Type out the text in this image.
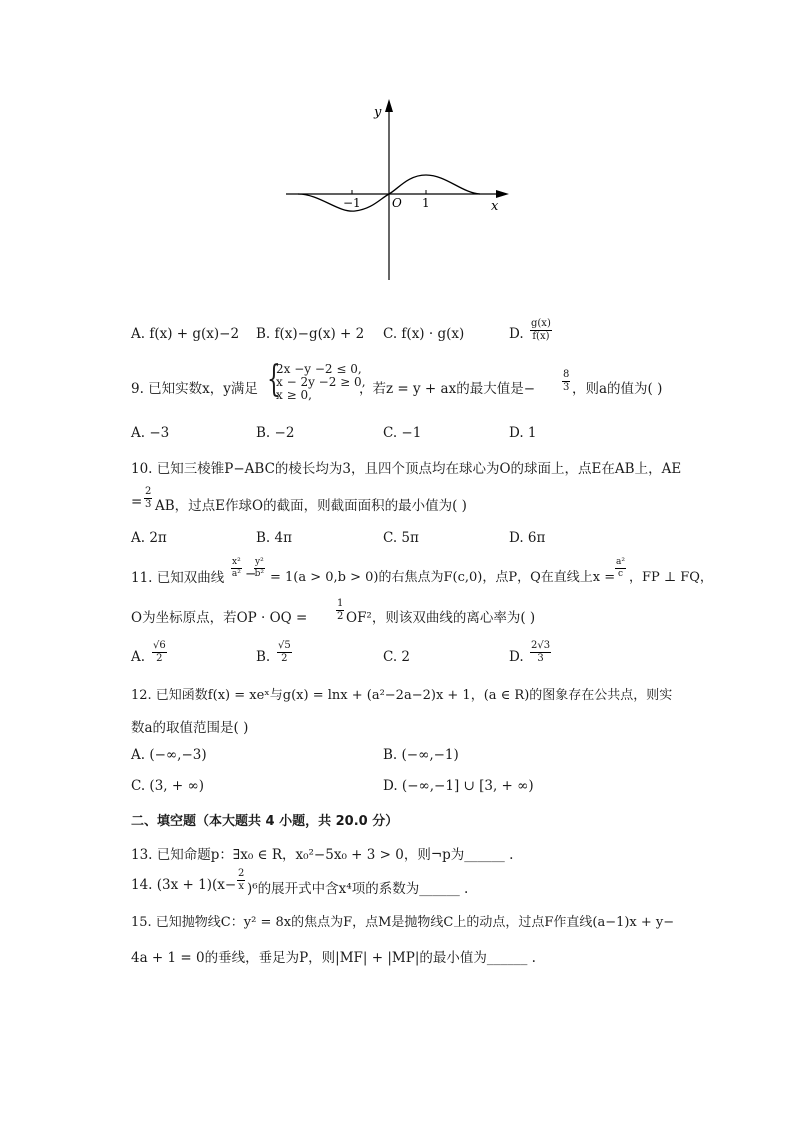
y
x
O
−1	1
A. f(x) + g(x)−2 B. f(x)−g(x) + 2 C. f(x) · g(x)	D. $\frac{g(x)}{f(x)}$
9. 已知实数x，y满足 {
2x −y −2 ≤ 0,
x − 2y −2 ≥ 0,
x ≥ 0,	，若z = y + ax的最大值是−	$\frac{8}{3}$ ，则a的值为( )
A. −3	B. −2	C. −1	D. 1
10. 已知三棱锥P−ABC的棱长均为3，且四个顶点均在球心为O的球面上，点E在AB上，AE
= $\frac{2}{3}$ AB，过点E作球O的截面，则截面面积的最小值为( )
A. 2π	B. 4π	C. 5π	D. 6π
11. 已知双曲线 $\frac{\text{x²}}{\text{a²}}$ −
$\frac{\text{y²}}{\text{b²}} = 1(a > 0,b > 0)$的右焦点为F(c,0)，点P，Q在直线上$x = \frac{\text{a²}}{c}$ ，FP ⊥ FQ，
O为坐标原点，若OP · OQ =	$\frac{1}{2} OF^2$，则该双曲线的离心率为( )
A. $\frac{√6}{2}$	B. $\frac{√5}{2}$	C. 2	D. $\frac{2√3}{3}$
12. 已知函数f(x) = xeˣ与g(x) = lnx + (a²−2a−2)x + 1，(a ∈ R)的图象存在公共点，则实
数a的取值范围是( )
A. (−∞,−3)	B. (−∞,−1)
C. (3, + ∞)	D. (−∞,−1] ∪ [3, + ∞)
二、填空题（本大题共 4 小题，共 20.0 分）
13. 已知命题p：∃x₀ ∈ R，x₀²−5x₀ + 3 > 0，则¬p为______ .
14. $(3x + 1)(x- \frac{2}{x} )^6$的展开式中含x⁴项的系数为______ .
15. 已知抛物线C：y² = 8x的焦点为F，点M是抛物线C上的动点，过点F作直线(a−1)x + y−
4a + 1 = 0的垂线，垂足为P，则|MF| + |MP|的最小值为______ .
